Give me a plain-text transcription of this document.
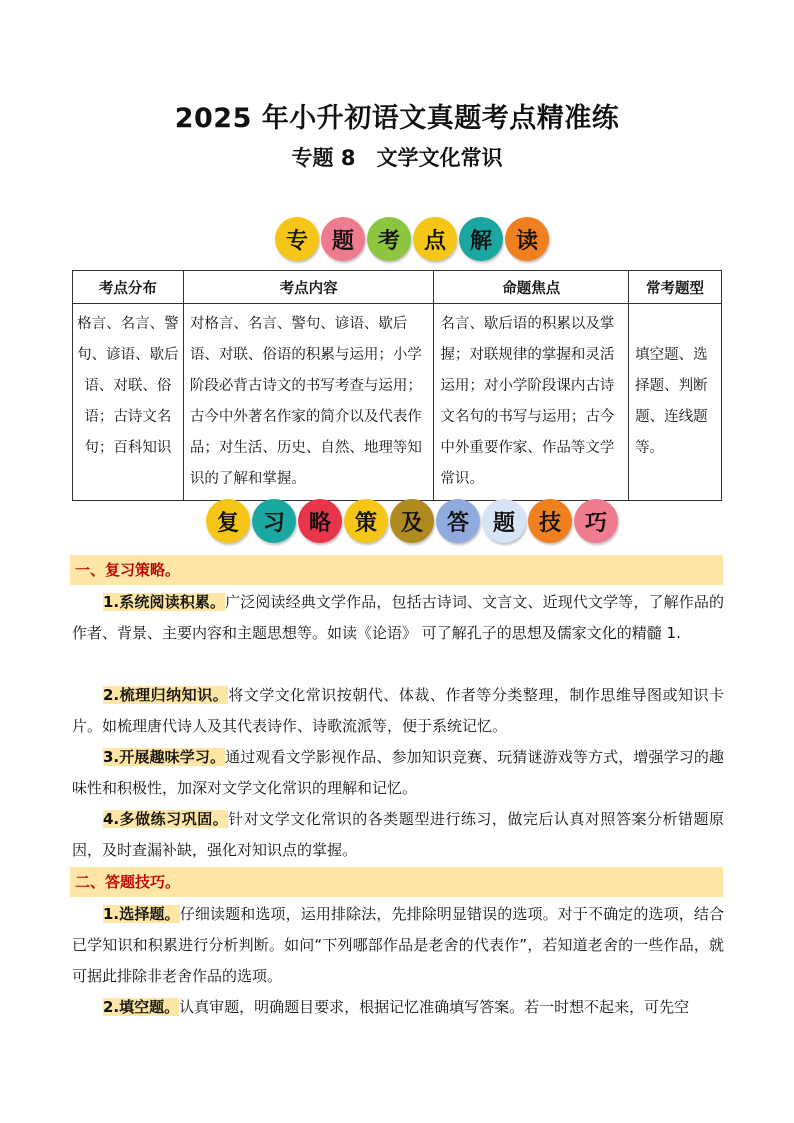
2025 年小升初语文真题考点精准练
专题 8　文学文化常识
专	题	考	点	解	读
考点分布	考点内容	命题焦点	常考题型
格言、名言、警句、谚语、歇后语、对联、俗语；古诗文名句；百科知识	对格言、名言、警句、谚语、歇后语、对联、俗语的积累与运用；小学阶段必背古诗文的书写考查与运用；古今中外著名作家的简介以及代表作品；对生活、历史、自然、地理等知识的了解和掌握。	名言、歇后语的积累以及掌握；对联规律的掌握和灵活运用；对小学阶段课内古诗文名句的书写与运用；古今中外重要作家、作品等文学常识。	填空题、选择题、判断题、连线题等。
复	习	略	策	及	答	题	技	巧
一、复习策略。

1.系统阅读积累。广泛阅读经典文学作品，包括古诗词、文言文、近现代文学等，了解作品的作者、背景、主要内容和主题思想等。如读《论语》 可了解孔子的思想及儒家文化的精髓 1.

2.梳理归纳知识。将文学文化常识按朝代、体裁、作者等分类整理，制作思维导图或知识卡片。如梳理唐代诗人及其代表诗作、诗歌流派等，便于系统记忆。

3.开展趣味学习。通过观看文学影视作品、参加知识竞赛、玩猜谜游戏等方式，增强学习的趣味性和积极性，加深对文学文化常识的理解和记忆。

4.多做练习巩固。针对文学文化常识的各类题型进行练习，做完后认真对照答案分析错题原因，及时查漏补缺，强化对知识点的掌握。

二、答题技巧。

1.选择题。仔细读题和选项，运用排除法，先排除明显错误的选项。对于不确定的选项，结合已学知识和积累进行分析判断。如问“下列哪部作品是老舍的代表作”，若知道老舍的一些作品，就可据此排除非老舍作品的选项。

2.填空题。认真审题，明确题目要求，根据记忆准确填写答案。若一时想不起来，可先空
